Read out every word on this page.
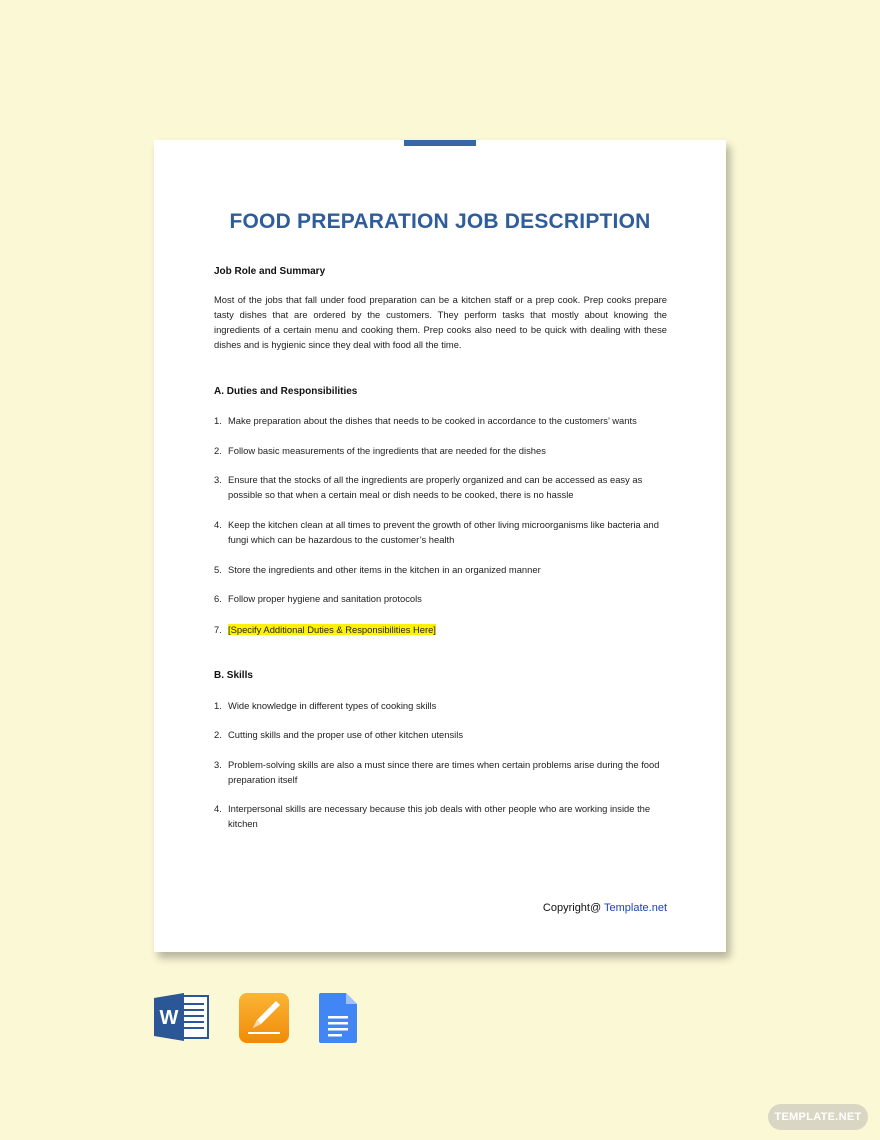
FOOD PREPARATION JOB DESCRIPTION
Job Role and Summary
Most of the jobs that fall under food preparation can be a kitchen staff or a prep cook. Prep cooks prepare tasty dishes that are ordered by the customers. They perform tasks that mostly about knowing the ingredients of a certain menu and cooking them. Prep cooks also need to be quick with dealing with these dishes and is hygienic since they deal with food all the time.
A. Duties and Responsibilities
1. Make preparation about the dishes that needs to be cooked in accordance to the customers’ wants
2. Follow basic measurements of the ingredients that are needed for the dishes
3. Ensure that the stocks of all the ingredients are properly organized and can be accessed as easy as possible so that when a certain meal or dish needs to be cooked, there is no hassle
4. Keep the kitchen clean at all times to prevent the growth of other living microorganisms like bacteria and fungi which can be hazardous to the customer’s health
5. Store the ingredients and other items in the kitchen in an organized manner
6. Follow proper hygiene and sanitation protocols
7. [Specify Additional Duties & Responsibilities Here]
B. Skills
1. Wide knowledge in different types of cooking skills
2. Cutting skills and the proper use of other kitchen utensils
3. Problem-solving skills are also a must since there are times when certain problems arise during the food preparation itself
4. Interpersonal skills are necessary because this job deals with other people who are working inside the kitchen
Copyright@ Template.net
W
TEMPLATE.NET
